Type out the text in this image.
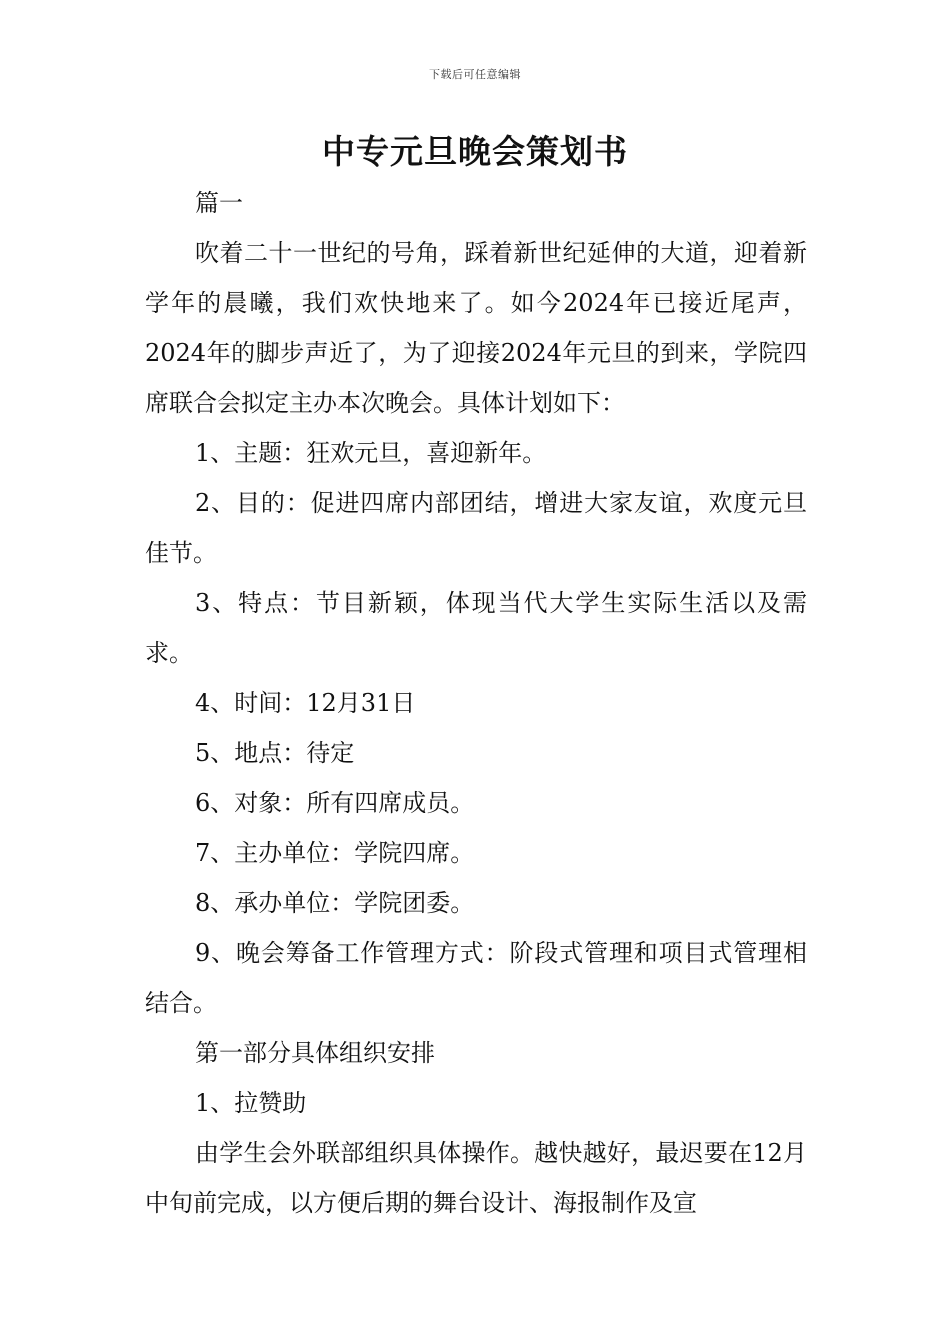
下载后可任意编辑
中专元旦晚会策划书

篇一

吹着二十一世纪的号角，踩着新世纪延伸的大道，迎着新学年的晨曦，我们欢快地来了。如今2024年已接近尾声，2024年的脚步声近了，为了迎接2024年元旦的到来，学院四席联合会拟定主办本次晚会。具体计划如下：

1、主题：狂欢元旦，喜迎新年。

2、目的：促进四席内部团结，增进大家友谊，欢度元旦佳节。

3、特点：节目新颖，体现当代大学生实际生活以及需求。

4、时间：12月31日

5、地点：待定

6、对象：所有四席成员。

7、主办单位：学院四席。

8、承办单位：学院团委。

9、晚会筹备工作管理方式：阶段式管理和项目式管理相结合。

第一部分具体组织安排

1、拉赞助

由学生会外联部组织具体操作。越快越好，最迟要在12月中旬前完成，以方便后期的舞台设计、海报制作及宣
